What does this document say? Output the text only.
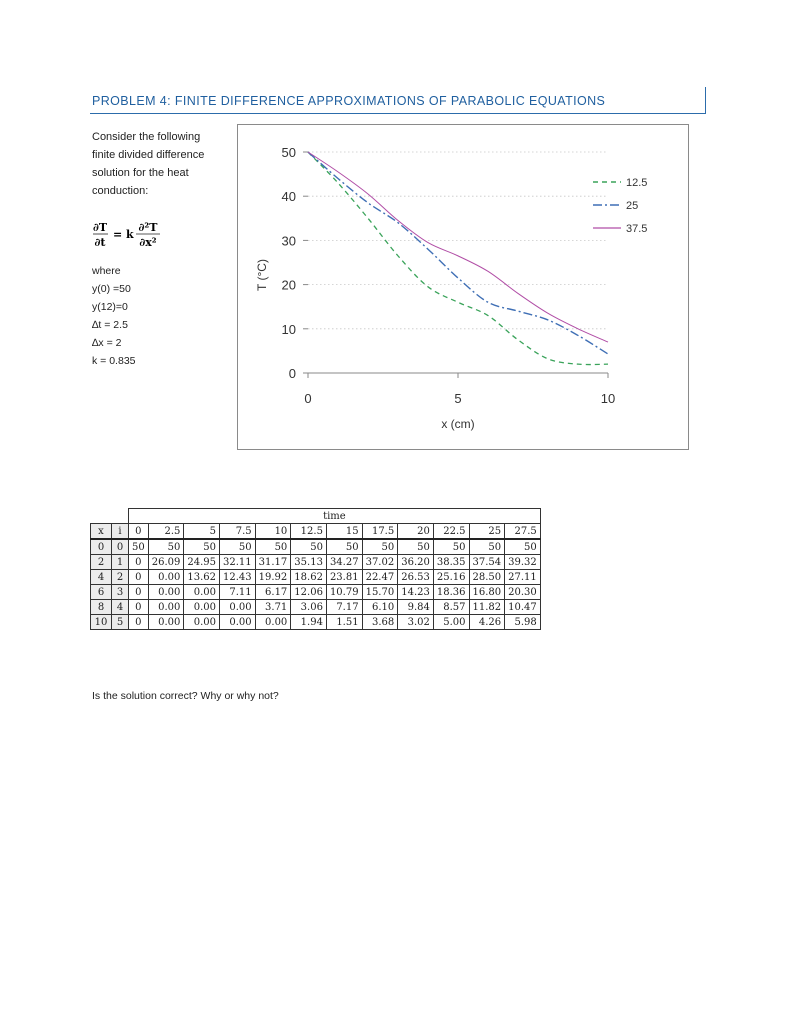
PROBLEM 4: FINITE DIFFERENCE APPROXIMATIONS OF PARABOLIC EQUATIONS

Consider the following

finite divided difference

solution for the heat

conduction:

∂T
∂t
= k
∂²T
∂x²
where
y(0) =50
y(12)=0
∆t = 2.5
∆x = 2
k = 0.835
0
10
20
30
40
50
0	5	10
12.5
25
37.5
T (°C)
x (cm)
		time											
x	i	0	2.5	5	7.5	10	12.5	15	17.5	20	22.5	25	27.5
0	0	50	50	50	50	50	50	50	50	50	50	50	50
2	1	0	26.09	24.95	32.11	31.17	35.13	34.27	37.02	36.20	38.35	37.54	39.32
4	2	0	0.00	13.62	12.43	19.92	18.62	23.81	22.47	26.53	25.16	28.50	27.11
6	3	0	0.00	0.00	7.11	6.17	12.06	10.79	15.70	14.23	18.36	16.80	20.30
8	4	0	0.00	0.00	0.00	3.71	3.06	7.17	6.10	9.84	8.57	11.82	10.47
10	5	0	0.00	0.00	0.00	0.00	1.94	1.51	3.68	3.02	5.00	4.26	5.98
Is the solution correct? Why or why not?
